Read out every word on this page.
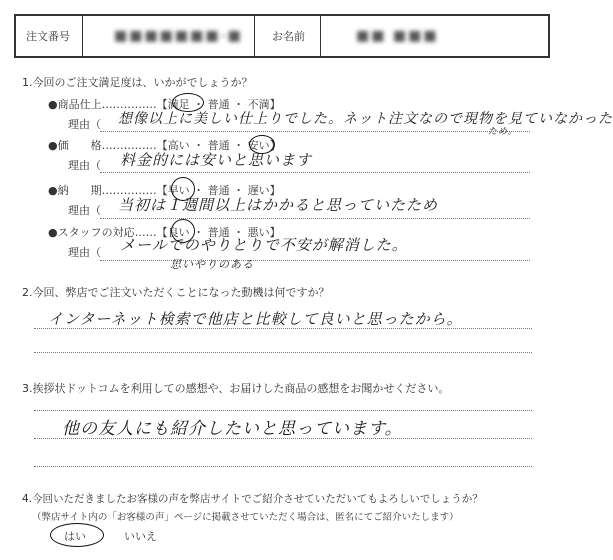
注文番号	■■■■■■■-■	お名前	■■ ■■■
1.今回のご注文満足度は、いかがでしょうか？
●商品仕上……………【満足 ・ 普通 ・ 不満】
理由（ 想像以上に美しい仕上りでした。ネット注文なので現物を見ていなかった
ため。
●価　　格……………【高い ・ 普通 ・ 安い】
理由（ 料金的には安いと思います
●納　　期……………【早い ・ 普通 ・ 遅い】
理由（ 当初は１週間以上はかかると思っていたため
●スタッフの対応……【良い ・ 普通 ・ 悪い】
理由（ メールでのやりとりで不安が解消した。
思いやりのある
2.今回、弊店でご注文いただくことになった動機は何ですか？
インターネット検索で他店と比較して良いと思ったから。
3.挨拶状ドットコムを利用しての感想や、お届けした商品の感想をお聞かせください。
他の友人にも紹介したいと思っています。
4.今回いただきましたお客様の声を弊店サイトでご紹介させていただいてもよろしいでしょうか？
（弊店サイト内の「お客様の声」ページに掲載させていただく場合は、匿名にてご紹介いたします）
はい	いいえ
